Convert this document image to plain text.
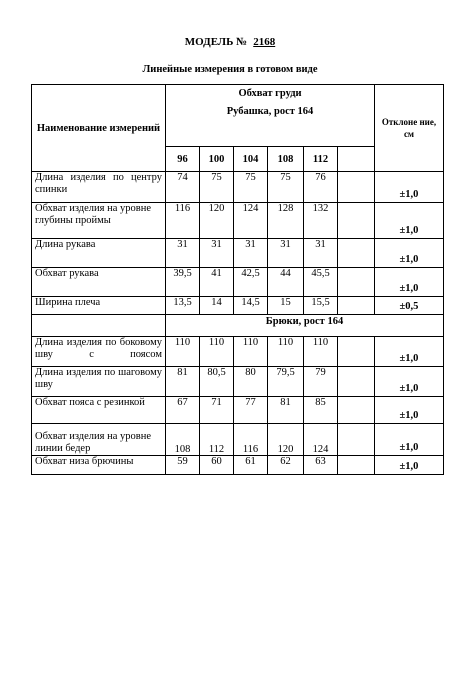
МОДЕЛЬ № 2168
Линейные измерения в готовом виде
Наименование измерений	Обхват груди
Рубашка, рост 164						Отклоне ние, см
	96	100	104	108	112		
Длина изделия по центру спинки	74	75	75	75	76		±1,0
Обхват изделия на уровне глубины проймы	116	120	124	128	132		±1,0
Длина рукава	31	31	31	31	31		±1,0
Обхват рукава	39,5	41	42,5	44	45,5		±1,0
Ширина плеча	13,5	14	14,5	15	15,5		±0,5
	Брюки, рост 164						
Длина изделия по боковому шву с поясом	110	110	110	110	110		±1,0
Длина изделия по шаговому шву	81	80,5	80	79,5	79		±1,0
Обхват пояса с резинкой	67	71	77	81	85		±1,0
Обхват изделия на уровне линии бедер	108	112	116	120	124		±1,0
Обхват низа брючины	59	60	61	62	63		±1,0
